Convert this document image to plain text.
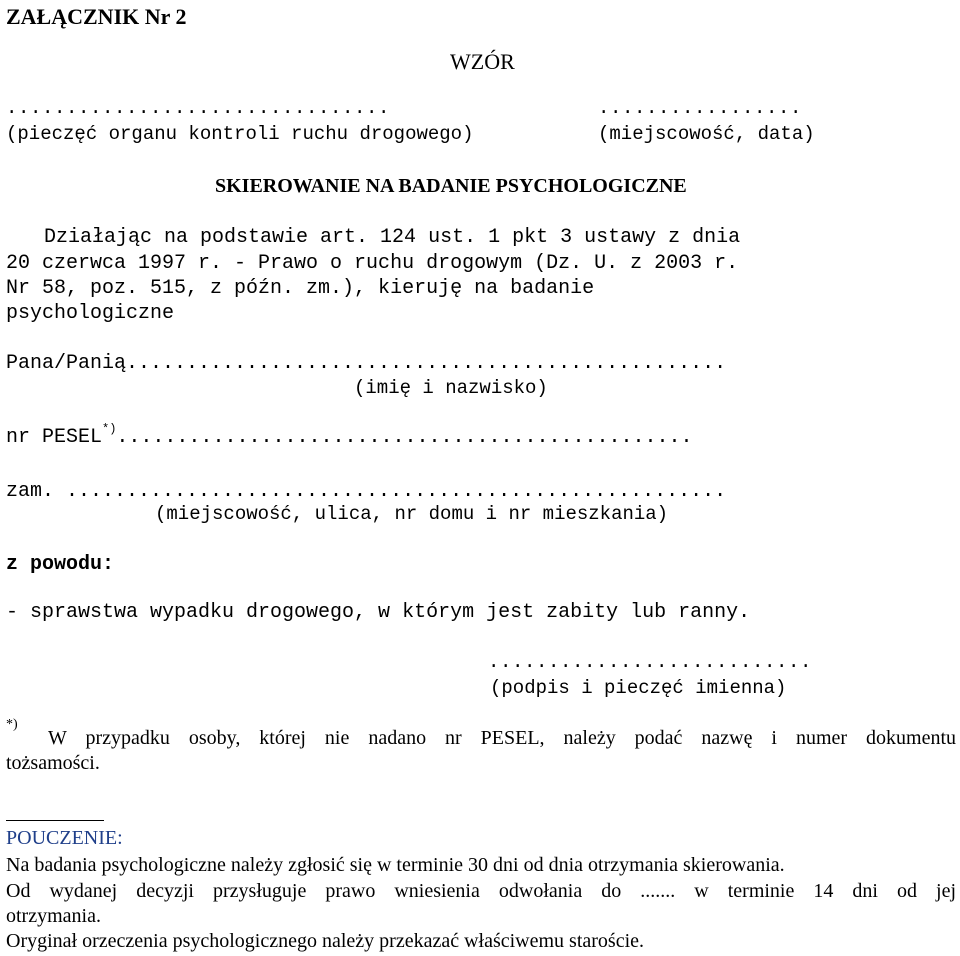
ZAŁĄCZNIK Nr 2
WZÓR
................................	.................
(pieczęć organu kontroli ruchu drogowego)	(miejscowość, data)
SKIEROWANIE NA BADANIE PSYCHOLOGICZNE
Działając na podstawie art. 124 ust. 1 pkt 3 ustawy z dnia
20 czerwca 1997 r. - Prawo o ruchu drogowym (Dz. U. z 2003 r.
Nr 58, poz. 515, z późn. zm.), kieruję na badanie
psychologiczne
Pana/Panią..................................................
(imię i nazwisko)
nr PESEL*)................................................
zam. .......................................................
(miejscowość, ulica, nr domu i nr mieszkania)
z powodu:
- sprawstwa wypadku drogowego, w którym jest zabity lub ranny.
...........................
(podpis i pieczęć imienna)
*)
W przypadku osoby, której nie nadano nr PESEL, należy podać nazwę i numer dokumentu
tożsamości.
POUCZENIE:
Na badania psychologiczne należy zgłosić się w terminie 30 dni od dnia otrzymania skierowania.
Od wydanej decyzji przysługuje prawo wniesienia odwołania do ....... w terminie 14 dni od jej
otrzymania.
Oryginał orzeczenia psychologicznego należy przekazać właściwemu staroście.
